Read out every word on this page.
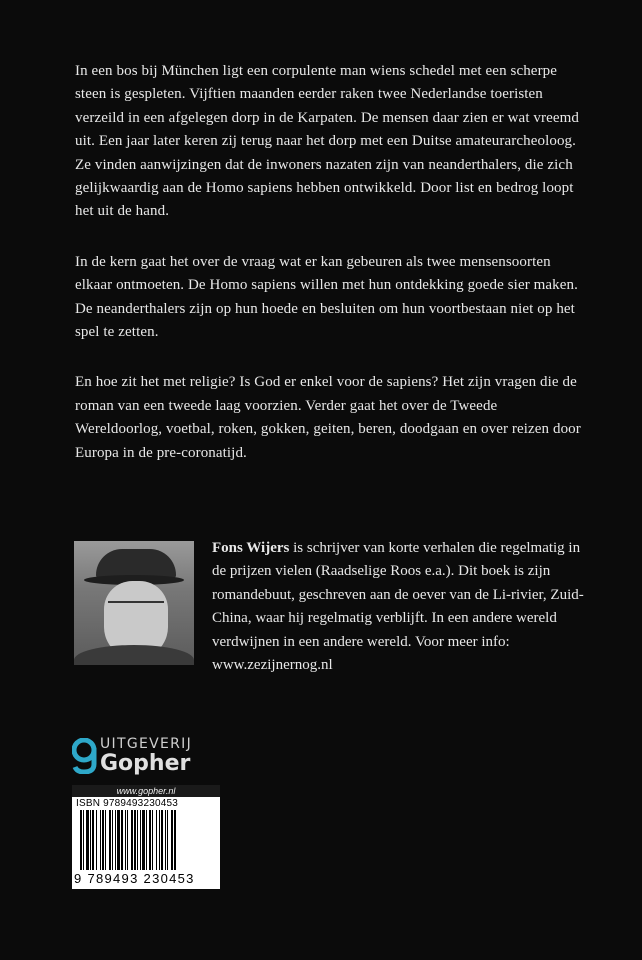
In een bos bij München ligt een corpulente man wiens schedel met een scherpe steen is gespleten. Vijftien maanden eerder raken twee Nederlandse toeristen verzeild in een afgelegen dorp in de Karpaten. De mensen daar zien er wat vreemd uit. Een jaar later keren zij terug naar het dorp met een Duitse amateurarcheoloog. Ze vinden aanwijzingen dat de inwoners nazaten zijn van neanderthalers, die zich gelijkwaardig aan de Homo sapiens hebben ontwikkeld. Door list en bedrog loopt het uit de hand.

In de kern gaat het over de vraag wat er kan gebeuren als twee mensensoorten elkaar ontmoeten. De Homo sapiens willen met hun ontdekking goede sier maken. De neanderthalers zijn op hun hoede en besluiten om hun voortbestaan niet op het spel te zetten.

En hoe zit het met religie? Is God er enkel voor de sapiens? Het zijn vragen die de roman van een tweede laag voorzien. Verder gaat het over de Tweede Wereldoorlog, voetbal, roken, gokken, geiten, beren, doodgaan en over reizen door Europa in de pre-coronatijd.

Fons Wijers is schrijver van korte verhalen die regelmatig in de prijzen vielen (Raadselige Roos e.a.). Dit boek is zijn romandebuut, geschreven aan de oever van de Li-rivier, Zuid-China, waar hij regelmatig verblijft. In een andere wereld verdwijnen in een andere wereld. Voor meer info: www.zezijnernog.nl

UITGEVERIJ
Gopher
www.gopher.nl
ISBN 9789493230453
9 789493 230453
